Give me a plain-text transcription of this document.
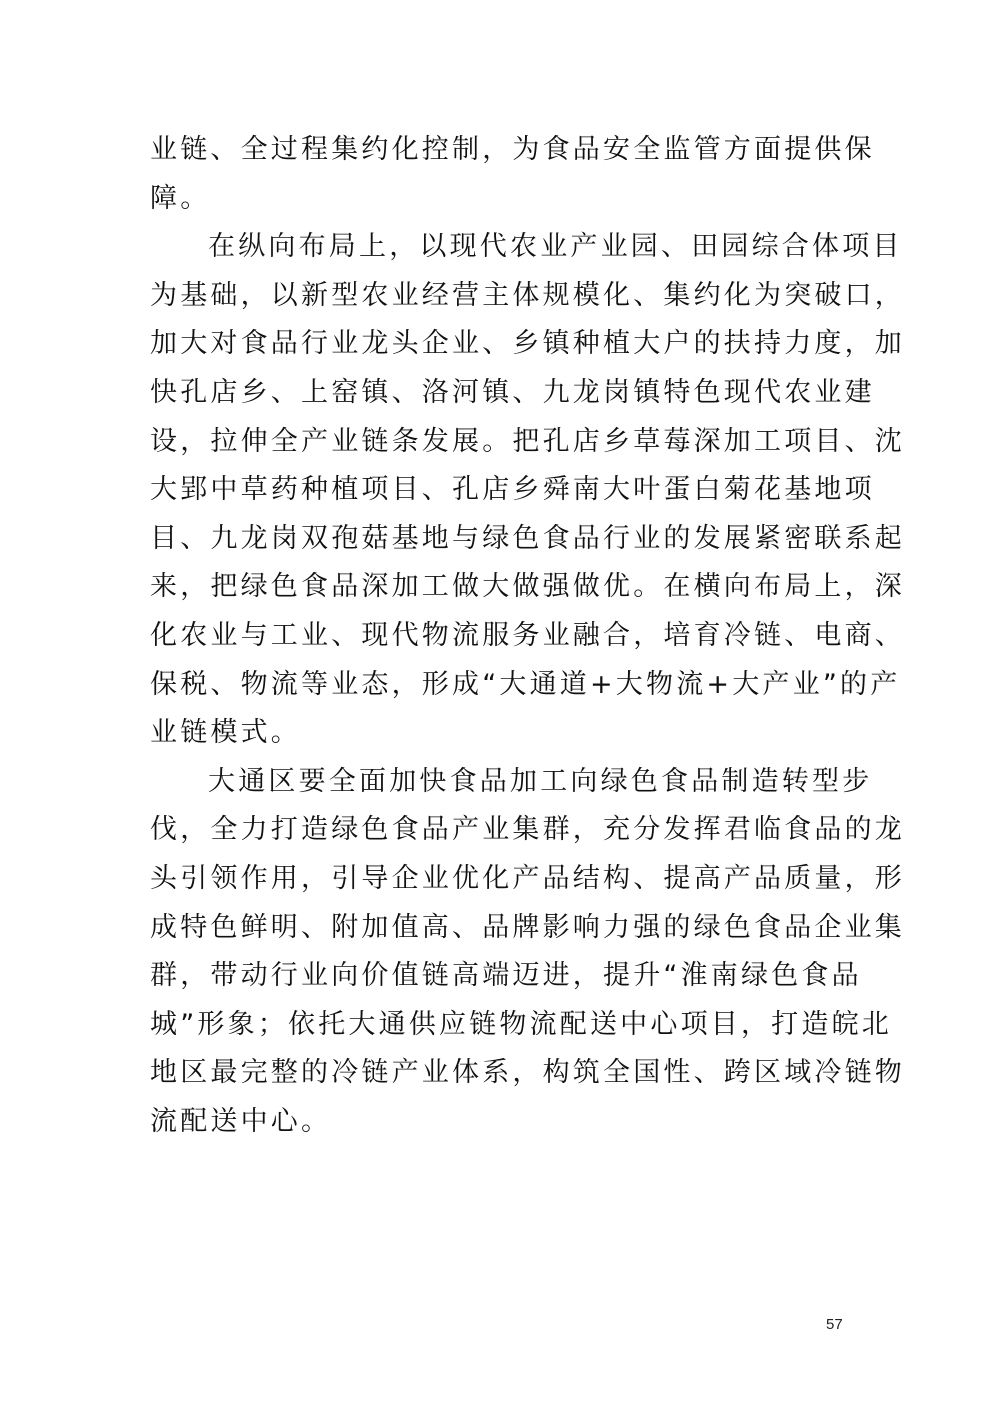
业链、全过程集约化控制，为食品安全监管方面提供保
障。
在纵向布局上，以现代农业产业园、田园综合体项目
为基础，以新型农业经营主体规模化、集约化为突破口，
加大对食品行业龙头企业、乡镇种植大户的扶持力度，加
快孔店乡、上窑镇、洛河镇、九龙岗镇特色现代农业建
设，拉伸全产业链条发展。把孔店乡草莓深加工项目、沈
大郢中草药种植项目、孔店乡舜南大叶蛋白菊花基地项
目、九龙岗双孢菇基地与绿色食品行业的发展紧密联系起
来，把绿色食品深加工做大做强做优。在横向布局上，深
化农业与工业、现代物流服务业融合，培育冷链、电商、
保税、物流等业态，形成“大通道+大物流+大产业”的产
业链模式。
大通区要全面加快食品加工向绿色食品制造转型步
伐，全力打造绿色食品产业集群，充分发挥君临食品的龙
头引领作用，引导企业优化产品结构、提高产品质量，形
成特色鲜明、附加值高、品牌影响力强的绿色食品企业集
群，带动行业向价值链高端迈进，提升“淮南绿色食品
城”形象；依托大通供应链物流配送中心项目，打造皖北
地区最完整的冷链产业体系，构筑全国性、跨区域冷链物
流配送中心。
57
